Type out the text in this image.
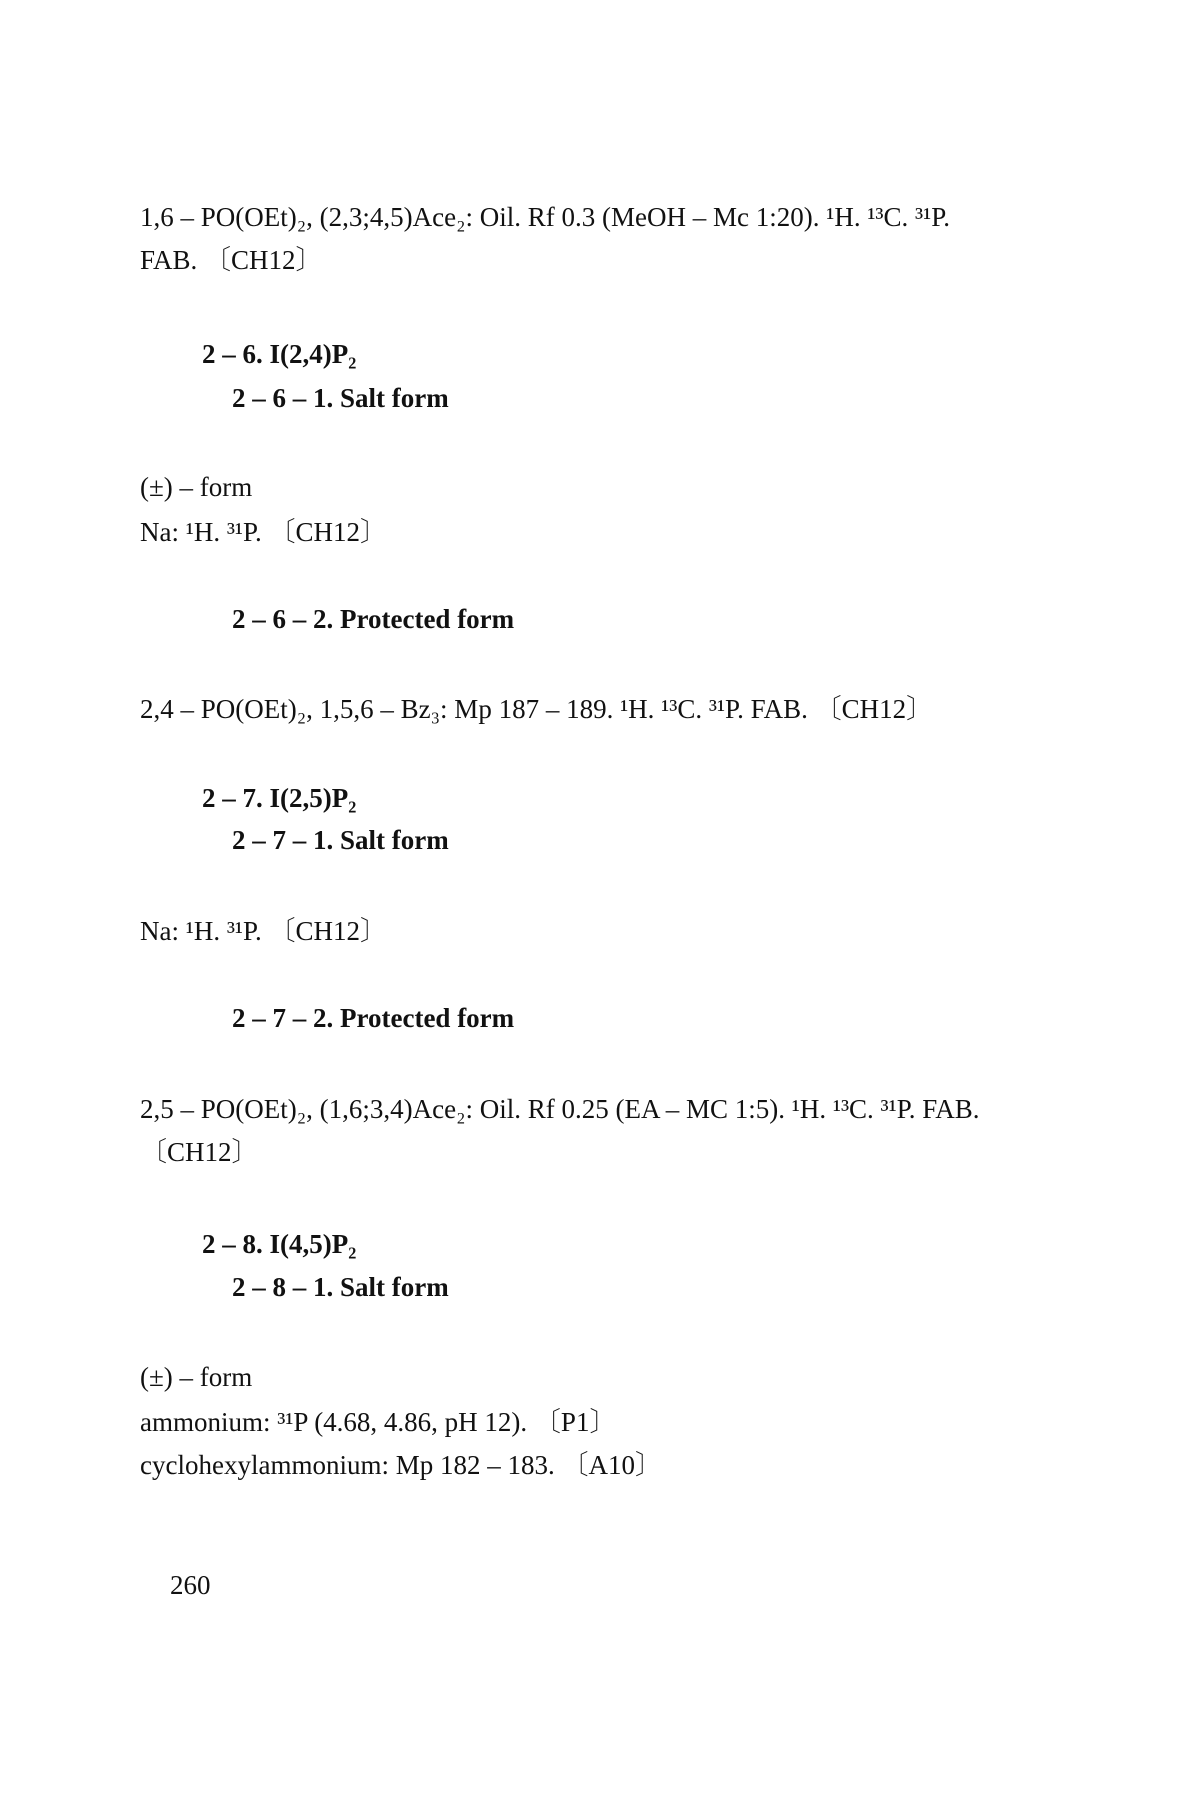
1,6 – PO(OEt)₂, (2,3;4,5)Ace₂: Oil. Rf 0.3 (MeOH – Mc 1:20). ¹H. ¹³C. ³¹P.
FAB. 〔CH12〕
2 – 6. I(2,4)P₂
2 – 6 – 1. Salt form
(±) – form
Na: ¹H. ³¹P. 〔CH12〕
2 – 6 – 2. Protected form
2,4 – PO(OEt)₂, 1,5,6 – Bz₃: Mp 187 – 189. ¹H. ¹³C. ³¹P. FAB. 〔CH12〕
2 – 7. I(2,5)P₂
2 – 7 – 1. Salt form
Na: ¹H. ³¹P. 〔CH12〕
2 – 7 – 2. Protected form
2,5 – PO(OEt)₂, (1,6;3,4)Ace₂: Oil. Rf 0.25 (EA – MC 1:5). ¹H. ¹³C. ³¹P. FAB.
〔CH12〕
2 – 8. I(4,5)P₂
2 – 8 – 1. Salt form
(±) – form
ammonium: ³¹P (4.68, 4.86, pH 12). 〔P1〕
cyclohexylammonium: Mp 182 – 183. 〔A10〕
260
